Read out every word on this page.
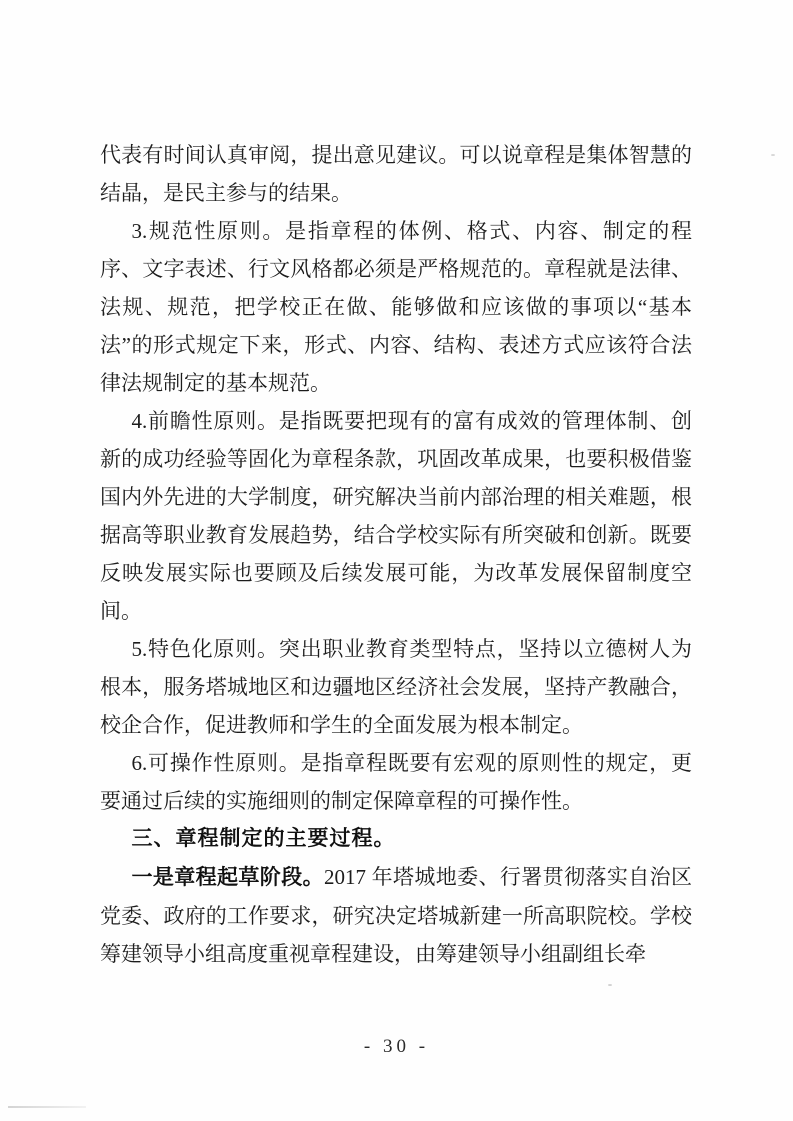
代表有时间认真审阅，提出意见建议。可以说章程是集体智慧的结晶，是民主参与的结果。

3.规范性原则。是指章程的体例、格式、内容、制定的程序、文字表述、行文风格都必须是严格规范的。章程就是法律、法规、规范，把学校正在做、能够做和应该做的事项以“基本法”的形式规定下来，形式、内容、结构、表述方式应该符合法律法规制定的基本规范。

4.前瞻性原则。是指既要把现有的富有成效的管理体制、创新的成功经验等固化为章程条款，巩固改革成果，也要积极借鉴国内外先进的大学制度，研究解决当前内部治理的相关难题，根据高等职业教育发展趋势，结合学校实际有所突破和创新。既要反映发展实际也要顾及后续发展可能，为改革发展保留制度空间。

5.特色化原则。突出职业教育类型特点，坚持以立德树人为根本，服务塔城地区和边疆地区经济社会发展，坚持产教融合，校企合作，促进教师和学生的全面发展为根本制定。

6.可操作性原则。是指章程既要有宏观的原则性的规定，更要通过后续的实施细则的制定保障章程的可操作性。

三、章程制定的主要过程。

一是章程起草阶段。2017 年塔城地委、行署贯彻落实自治区党委、政府的工作要求，研究决定塔城新建一所高职院校。学校筹建领导小组高度重视章程建设，由筹建领导小组副组长牵

- 30 -
